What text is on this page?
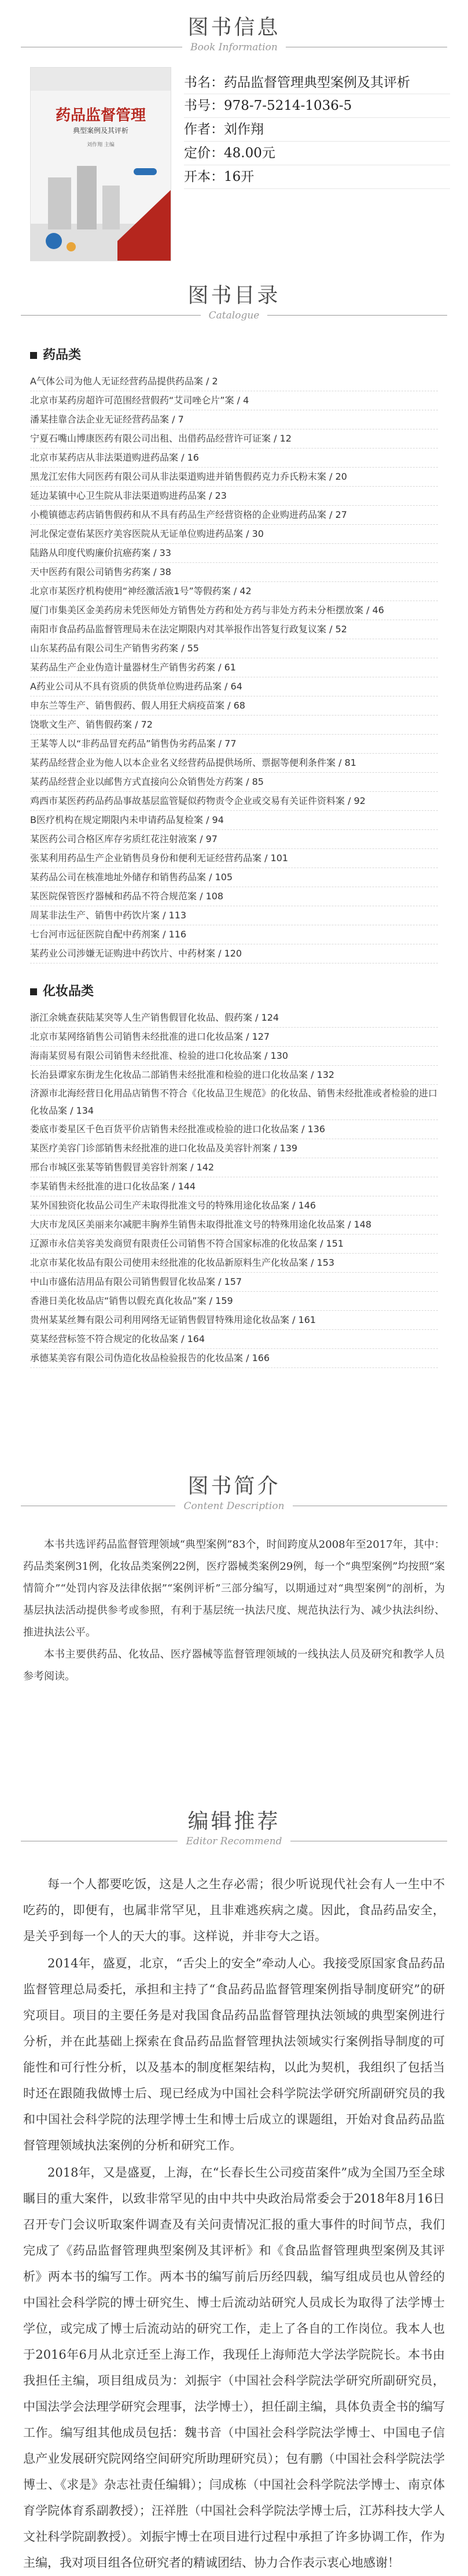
图书信息
Book Information
药品监督管理
典型案例及其评析
刘作翔 主编
书名：药品监督管理典型案例及其评析
书号：978-7-5214-1036-5
作者：刘作翔
定价：48.00元
开本：16开
图书目录
Catalogue
药品类
A气体公司为他人无证经营药品提供药品案 / 2
北京市某药房超许可范围经营假药“艾司唑仑片”案 / 4
潘某挂靠合法企业无证经营药品案 / 7
宁夏石嘴山博康医药有限公司出租、出借药品经营许可证案 / 12
北京市某药店从非法渠道购进药品案 / 16
黑龙江宏伟大同医药有限公司从非法渠道购进并销售假药克力乔氏粉末案 / 20
延边某镇中心卫生院从非法渠道购进药品案 / 23
小榄镇德志药店销售假药和从不具有药品生产经营资格的企业购进药品案 / 27
河北保定壹佑某医疗美容医院从无证单位购进药品案 / 30
陆路从印度代购廉价抗癌药案 / 33
天中医药有限公司销售劣药案 / 38
北京市某医疗机构使用“神经激活液1号”等假药案 / 42
厦门市集美区金美药房未凭医师处方销售处方药和处方药与非处方药未分柜摆放案 / 46
南阳市食品药品监督管理局未在法定期限内对其举报作出答复行政复议案 / 52
山东某药品有限公司生产销售劣药案 / 55
某药品生产企业伪造计量器材生产销售劣药案 / 61
A药业公司从不具有资质的供货单位购进药品案 / 64
申东兰等生产、销售假药、假人用狂犬病疫苗案 / 68
饶歌文生产、销售假药案 / 72
王某等人以“非药品冒充药品”销售伪劣药品案 / 77
某药品经营企业为他人以本企业名义经营药品提供场所、票据等便利条件案 / 81
某药品经营企业以邮售方式直接向公众销售处方药案 / 85
鸡西市某医药药品药品事故基层监管疑似药物责令企业或交易有关证件资料案 / 92
B医疗机构在规定期限内未申请药品复检案 / 94
某医药公司合格区库存劣质红花注射液案 / 97
张某利用药品生产企业销售员身份和便利无证经营药品案 / 101
某药品公司在核准地址外储存和销售药品案 / 105
某医院保管医疗器械和药品不符合规范案 / 108
周某非法生产、销售中药饮片案 / 113
七台河市远征医院自配中药剂案 / 116
某药业公司涉嫌无证购进中药饮片、中药材案 / 120
化妆品类
浙江余姚查获陆某突等人生产销售假冒化妆品、假药案 / 124
北京市某网络销售公司销售未经批准的进口化妆品案 / 127
海南某贸易有限公司销售未经批准、检验的进口化妆品案 / 130
长治县谭家东街龙生化妆品二部销售未经批准和检验的进口化妆品案 / 132
济源市北海经营日化用品店销售不符合《化妆品卫生规范》的化妆品、销售未经批准或者检验的进口化妆品案 / 134
娄底市娄星区千色百货平价店销售未经批准或检验的进口化妆品案 / 136
某医疗美容门诊部销售未经批准的进口化妆品及美容针剂案 / 139
邢台市城区张某等销售假冒美容针剂案 / 142
李某销售未经批准的进口化妆品案 / 144
某外国独资化妆品公司生产未取得批准文号的特殊用途化妆品案 / 146
大庆市龙凤区美丽来尔减肥丰胸养生销售未取得批准文号的特殊用途化妆品案 / 148
辽源市永信美容美发商贸有限责任公司销售不符合国家标准的化妆品案 / 151
北京市某化妆品有限公司使用未经批准的化妆品新原料生产化妆品案 / 153
中山市盛佑洁用品有限公司销售假冒化妆品案 / 157
香港日美化妆品店“销售以假充真化妆品”案 / 159
贵州某某丝舞有限公司利用网络无证销售假冒特殊用途化妆品案 / 161
莫某经营标签不符合规定的化妆品案 / 164
承德某美容有限公司伪造化妆品检验报告的化妆品案 / 166
图书简介
Content Description

本书共选评药品监督管理领域“典型案例”83个，时间跨度从2008年至2017年，其中：药品类案例31例，化妆品类案例22例，医疗器械类案例29例，每一个“典型案例”均按照“案情简介”“处罚内容及法律依据”“案例评析”三部分编写，以期通过对“典型案例”的剖析，为基层执法活动提供参考或参照，有利于基层统一执法尺度、规范执法行为、减少执法纠纷、推进执法公平。

本书主要供药品、化妆品、医疗器械等监督管理领域的一线执法人员及研究和教学人员参考阅读。

编辑推荐
Editor Recommend

每一个人都要吃饭，这是人之生存必需；很少听说现代社会有人一生中不吃药的，即便有，也属非常罕见，且非难逃疾病之虞。因此，食品药品安全，是关乎到每一个人的天大的事。这样说，并非夸大之语。

2014年，盛夏，北京，“舌尖上的安全”牵动人心。我接受原国家食品药品监督管理总局委托，承担和主持了“食品药品监督管理案例指导制度研究”的研究项目。项目的主要任务是对我国食品药品监督管理执法领域的典型案例进行分析，并在此基础上探索在食品药品监督管理执法领域实行案例指导制度的可能性和可行性分析，以及基本的制度框架结构，以此为契机，我组织了包括当时还在跟随我做博士后、现已经成为中国社会科学院法学研究所副研究员的我和中国社会科学院的法理学博士生和博士后成立的课题组，开始对食品药品监督管理领域执法案例的分析和研究工作。

2018年，又是盛夏，上海，在“长春长生公司疫苗案件”成为全国乃至全球瞩目的重大案件，以致非常罕见的由中共中央政治局常委会于2018年8月16日召开专门会议听取案件调查及有关问责情况汇报的重大事件的时间节点，我们完成了《药品监督管理典型案例及其评析》和《食品监督管理典型案例及其评析》两本书的编写工作。两本书的编写前后历经四载，编写组成员也从曾经的中国社会科学院的博士研究生、博士后流动站研究人员成长为取得了法学博士学位，或完成了博士后流动站的研究工作，走上了各自的工作岗位。我本人也于2016年6月从北京迁至上海工作，我现任上海师范大学法学院院长。本书由我担任主编，项目组成员为：刘振宇（中国社会科学院法学研究所副研究员，中国法学会法理学研究会理事，法学博士），担任副主编，具体负责全书的编写工作。编写组其他成员包括：魏书音（中国社会科学院法学博士、中国电子信息产业发展研究院网络空间研究所助理研究员）；包有鹏（中国社会科学院法学博士、《求是》杂志社责任编辑）；闫成栋（中国社会科学院法学博士、南京体育学院体育系副教授）；汪祥胜（中国社会科学院法学博士后，江苏科技大学人文社科学院副教授）。刘振宇博士在项目进行过程中承担了许多协调工作，作为主编，我对项目组各位研究者的精诚团结、协力合作表示衷心地感谢！
